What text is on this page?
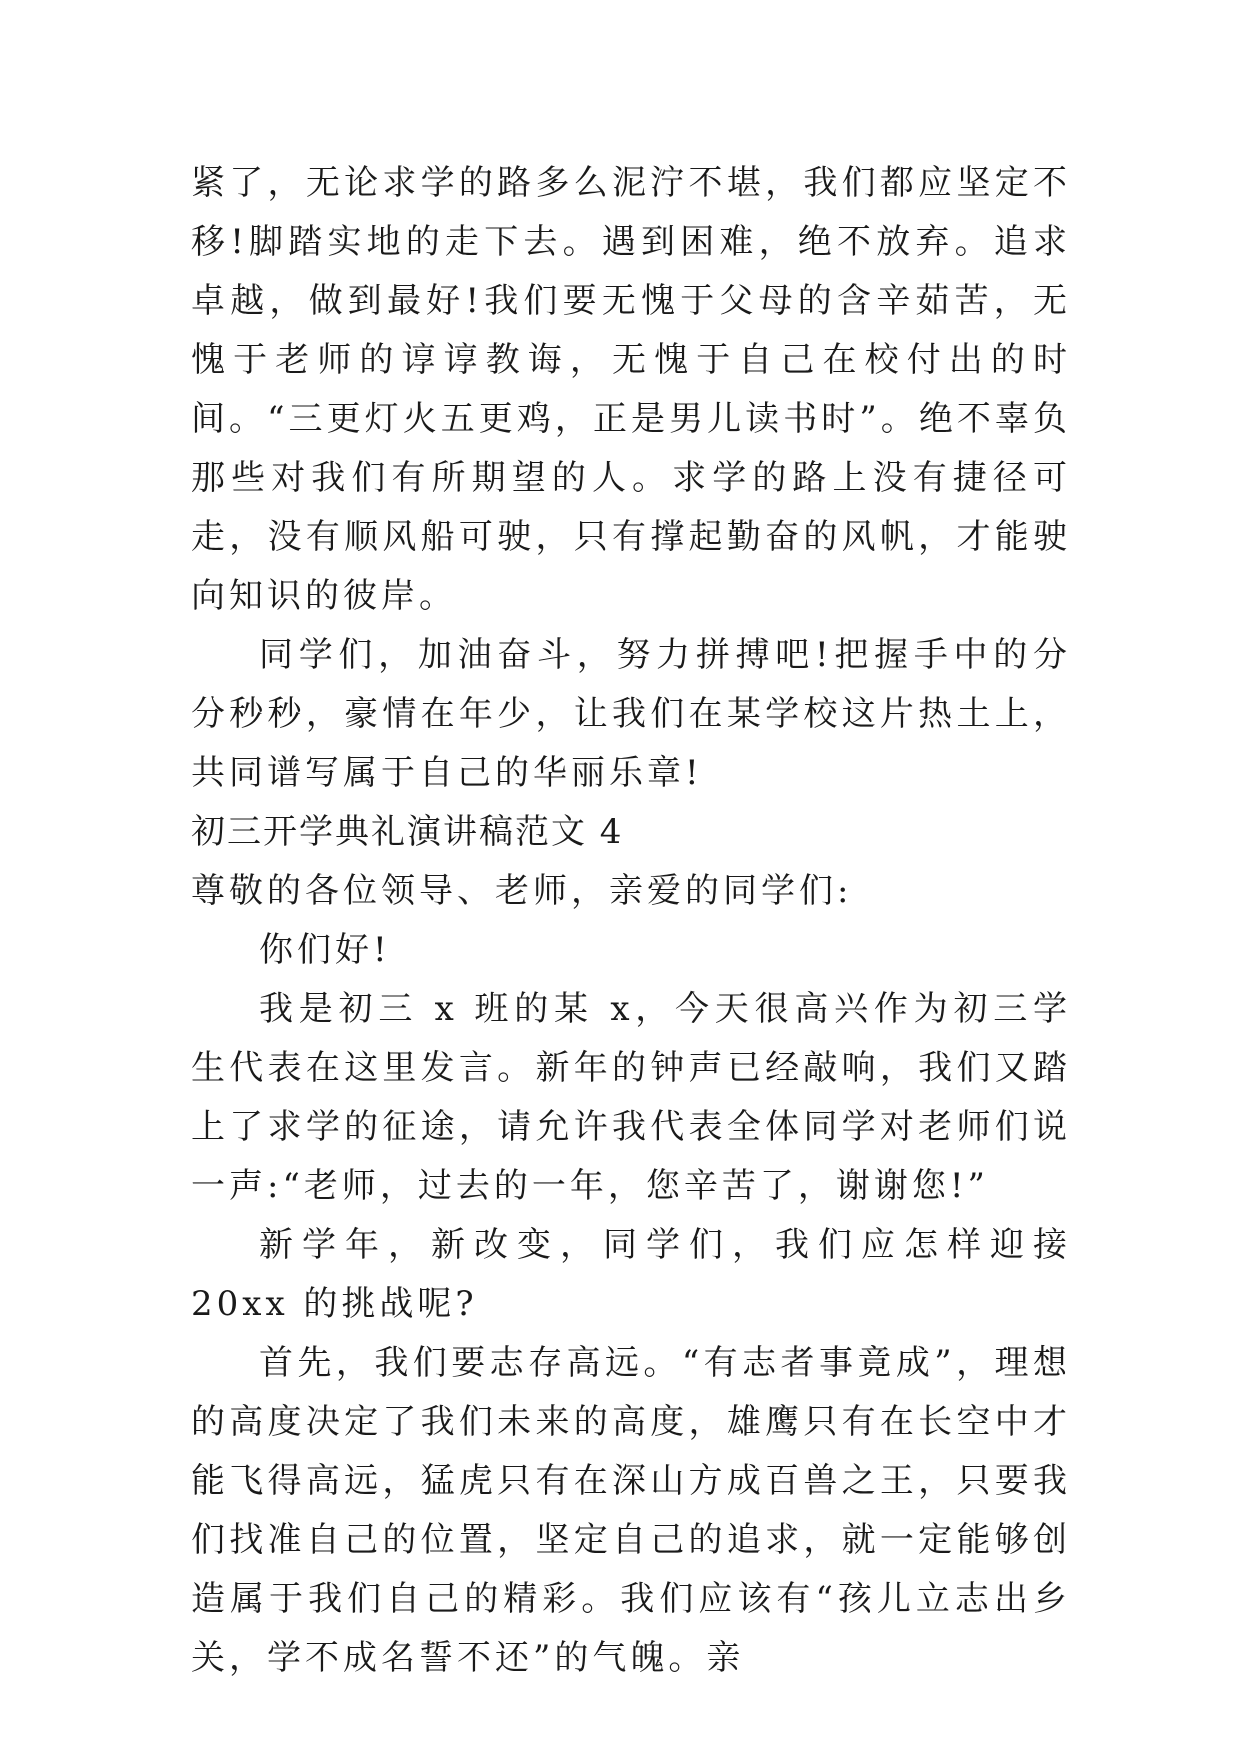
紧了，无论求学的路多么泥泞不堪，我们都应坚定不移!脚踏实地的走下去。遇到困难，绝不放弃。追求卓越，做到最好!我们要无愧于父母的含辛茹苦，无愧于老师的谆谆教诲，无愧于自己在校付出的时间。“三更灯火五更鸡，正是男儿读书时”。绝不辜负那些对我们有所期望的人。求学的路上没有捷径可走，没有顺风船可驶，只有撑起勤奋的风帆，才能驶向知识的彼岸。

同学们，加油奋斗，努力拼搏吧!把握手中的分分秒秒，豪情在年少，让我们在某学校这片热土上，共同谱写属于自己的华丽乐章!

初三开学典礼演讲稿范文 4

尊敬的各位领导、老师，亲爱的同学们:

你们好!

我是初三 x 班的某 x，今天很高兴作为初三学生代表在这里发言。新年的钟声已经敲响，我们又踏上了求学的征途，请允许我代表全体同学对老师们说一声:“老师，过去的一年，您辛苦了，谢谢您!”

新学年，新改变，同学们，我们应怎样迎接 20xx 的挑战呢?

首先，我们要志存高远。“有志者事竟成”，理想的高度决定了我们未来的高度，雄鹰只有在长空中才能飞得高远，猛虎只有在深山方成百兽之王，只要我们找准自己的位置，坚定自己的追求，就一定能够创造属于我们自己的精彩。我们应该有“孩儿立志出乡关，学不成名誓不还”的气魄。亲
